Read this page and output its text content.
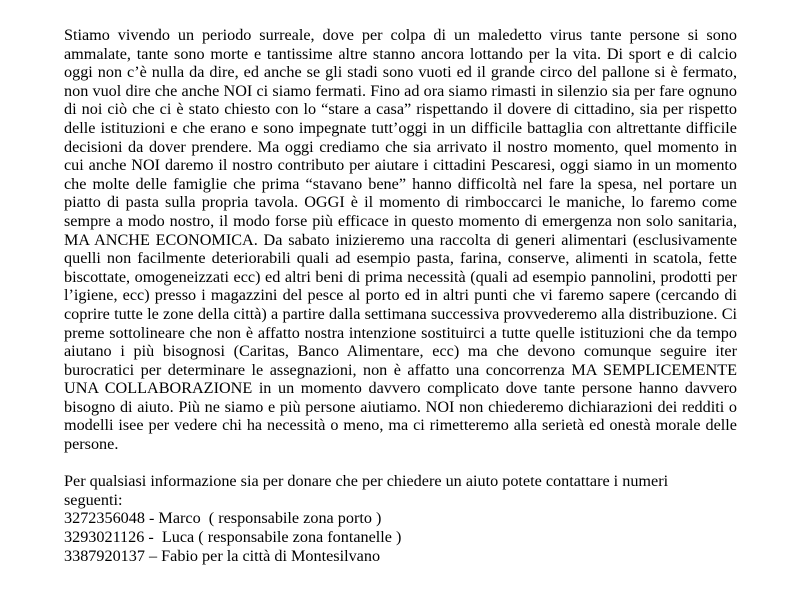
Stiamo vivendo un periodo surreale, dove per colpa di un maledetto virus tante persone si sono ammalate, tante sono morte e tantissime altre stanno ancora lottando per la vita. Di sport e di calcio oggi non c’è nulla da dire, ed anche se gli stadi sono vuoti ed il grande circo del pallone si è fermato, non vuol dire che anche NOI ci siamo fermati. Fino ad ora siamo rimasti in silenzio sia per fare ognuno di noi ciò che ci è stato chiesto con lo “stare a casa” rispettando il dovere di cittadino, sia per rispetto delle istituzioni e che erano e sono impegnate tutt’oggi in un difficile battaglia con altrettante difficile decisioni da dover prendere. Ma oggi crediamo che sia arrivato il nostro momento, quel momento in cui anche NOI daremo il nostro contributo per aiutare i cittadini Pescaresi, oggi siamo in un momento che molte delle famiglie che prima “stavano bene” hanno difficoltà nel fare la spesa, nel portare un piatto di pasta sulla propria tavola. OGGI è il momento di rimboccarci le maniche, lo faremo come sempre a modo nostro, il modo forse più efficace in questo momento di emergenza non solo sanitaria, MA ANCHE ECONOMICA. Da sabato inizieremo una raccolta di generi alimentari (esclusivamente quelli non facilmente deteriorabili quali ad esempio pasta, farina, conserve, alimenti in scatola, fette biscottate, omogeneizzati ecc) ed altri beni di prima necessità (quali ad esempio pannolini, prodotti per l’igiene, ecc) presso i magazzini del pesce al porto ed in altri punti che vi faremo sapere (cercando di coprire tutte le zone della città) a partire dalla settimana successiva provvederemo alla distribuzione. Ci preme sottolineare che non è affatto nostra intenzione sostituirci a tutte quelle istituzioni che da tempo aiutano i più bisognosi (Caritas, Banco Alimentare, ecc) ma che devono comunque seguire iter burocratici per determinare le assegnazioni, non è affatto una concorrenza MA SEMPLICEMENTE UNA COLLABORAZIONE in un momento davvero complicato dove tante persone hanno davvero bisogno di aiuto. Più ne siamo e più persone aiutiamo. NOI non chiederemo dichiarazioni dei redditi o modelli isee per vedere chi ha necessità o meno, ma ci rimetteremo alla serietà ed onestà morale delle persone.

Per qualsiasi informazione sia per donare che per chiedere un aiuto potete contattare i numeri
seguenti:
3272356048 - Marco  ( responsabile zona porto )
3293021126 -  Luca ( responsabile zona fontanelle )
3387920137 – Fabio per la città di Montesilvano
